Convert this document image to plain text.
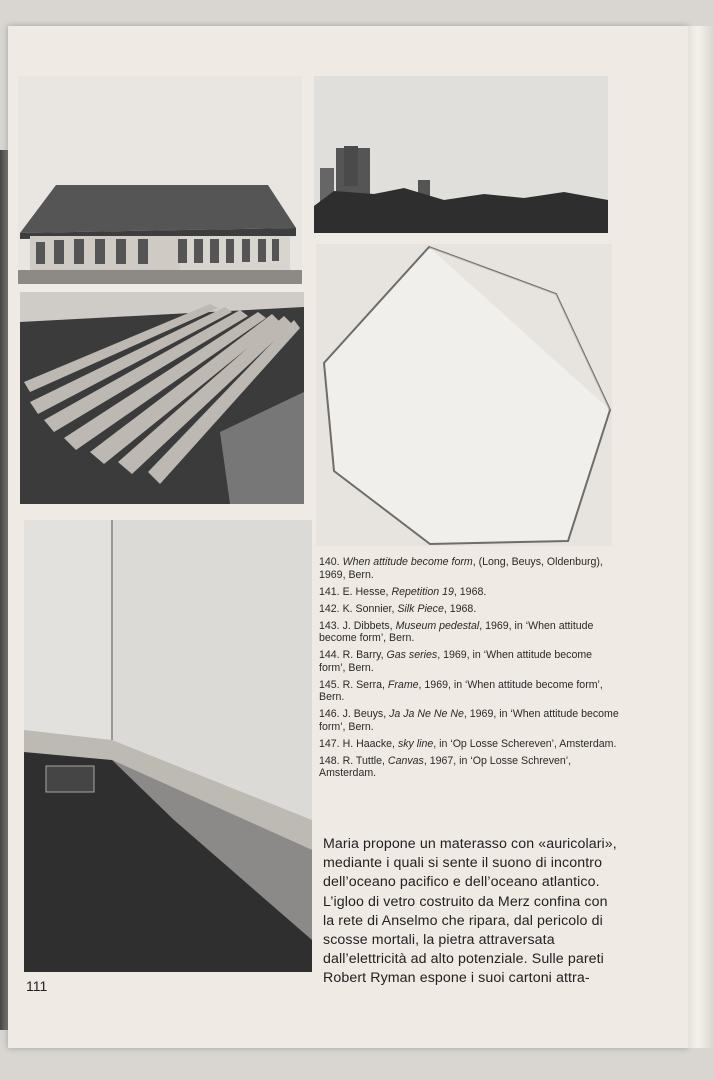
140. When attitude become form, (Long, Beuys, Oldenburg), 1969, Bern.

141. E. Hesse, Repetition 19, 1968.

142. K. Sonnier, Silk Piece, 1968.

143. J. Dibbets, Museum pedestal, 1969, in ‘When attitude become form’, Bern.

144. R. Barry, Gas series, 1969, in ‘When attitude become form’, Bern.

145. R. Serra, Frame, 1969, in ‘When attitude become form’, Bern.

146. J. Beuys, Ja Ja Ne Ne Ne, 1969, in ‘When attitude become form’, Bern.

147. H. Haacke, sky line, in ‘Op Losse Schereven’, Amsterdam.

148. R. Tuttle, Canvas, 1967, in ‘Op Losse Schreven’, Amsterdam.

Maria propone un materasso con «auricolari», mediante i quali si sente il suono di incontro dell’oceano pacifico e dell’oceano atlantico.
L’igloo di vetro costruito da Merz confina con la rete di Anselmo che ripara, dal pericolo di scosse mortali, la pietra attraversata dall’elettricità ad alto potenziale. Sulle pareti Robert Ryman espone i suoi cartoni attra-
111
